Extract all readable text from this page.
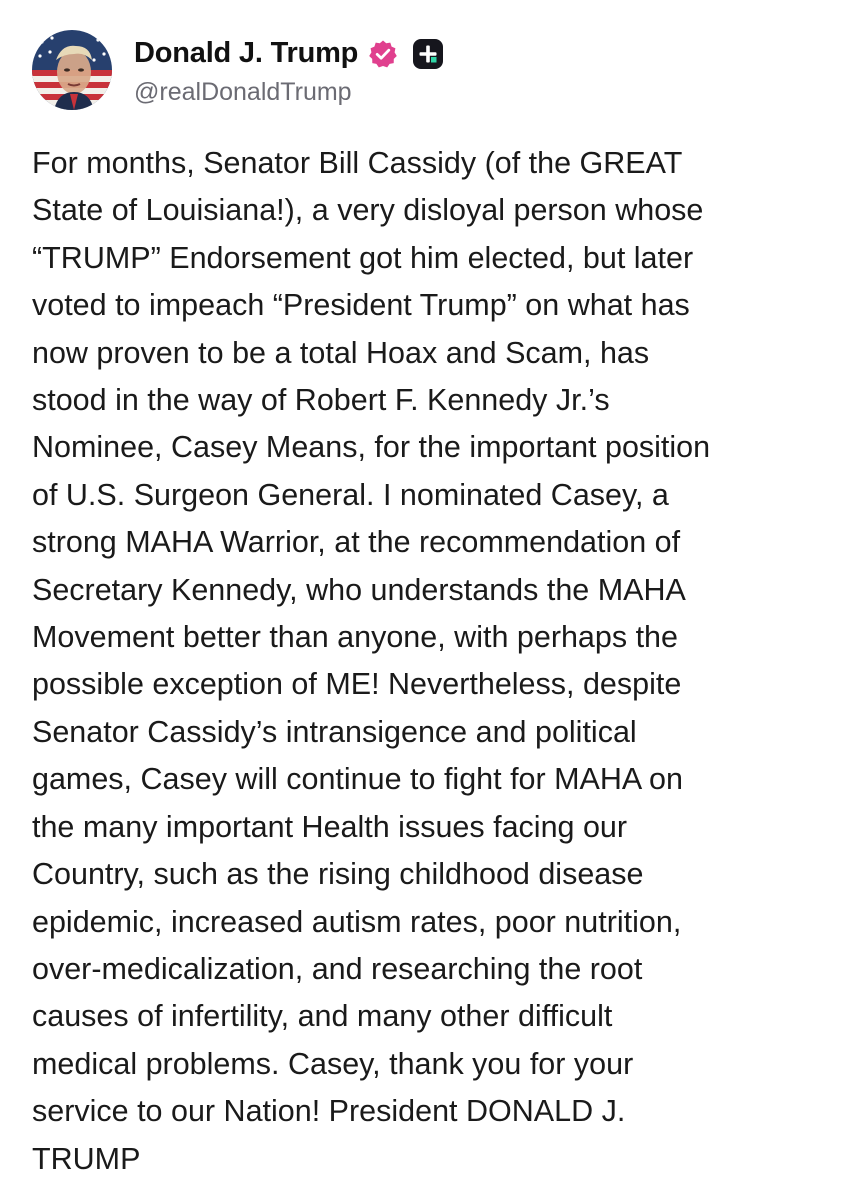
Donald J. Trump
@realDonaldTrump
For months, Senator Bill Cassidy (of the GREAT
State of Louisiana!), a very disloyal person whose
“TRUMP” Endorsement got him elected, but later
voted to impeach “President Trump” on what has
now proven to be a total Hoax and Scam, has
stood in the way of Robert F. Kennedy Jr.’s
Nominee, Casey Means, for the important position
of U.S. Surgeon General. I nominated Casey, a
strong MAHA Warrior, at the recommendation of
Secretary Kennedy, who understands the MAHA
Movement better than anyone, with perhaps the
possible exception of ME! Nevertheless, despite
Senator Cassidy’s intransigence and political
games, Casey will continue to fight for MAHA on
the many important Health issues facing our
Country, such as the rising childhood disease
epidemic, increased autism rates, poor nutrition,
over-medicalization, and researching the root
causes of infertility, and many other difficult
medical problems. Casey, thank you for your
service to our Nation! President DONALD J.
TRUMP
